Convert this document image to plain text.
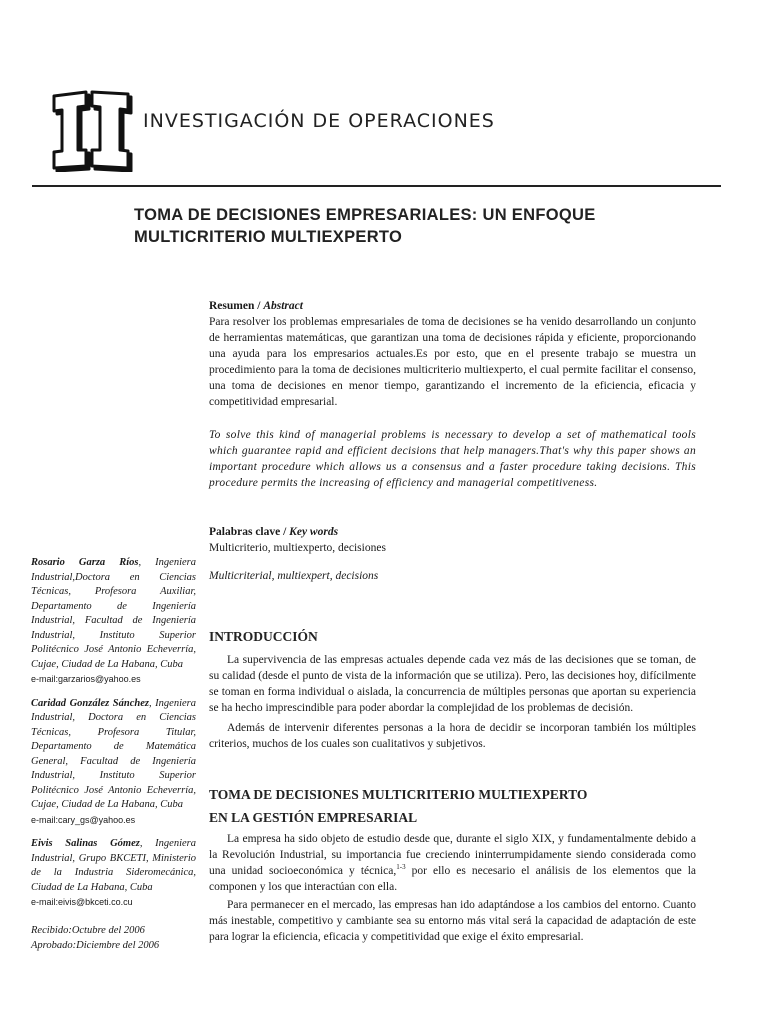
INVESTIGACIÓN DE OPERACIONES
TOMA DE DECISIONES EMPRESARIALES: UN ENFOQUE MULTICRITERIO MULTIEXPERTO
Resumen / Abstract

Para resolver los problemas empresariales de toma de decisiones se ha venido desarrollando un conjunto de herramientas matemáticas, que garantizan una toma de decisiones rápida y eficiente, proporcionando una ayuda para los empresarios actuales.Es por esto, que en el presente trabajo se muestra un procedimiento para la toma de decisiones multicriterio multiexperto, el cual permite facilitar el consenso, una toma de decisiones en menor tiempo, garantizando el incremento de la eficiencia, eficacia y competitividad empresarial.

To solve this kind of managerial problems is necessary to develop a set of mathematical tools which guarantee rapid and efficient decisions that help managers.That's why this paper shows an important procedure which allows us a consensus and a faster procedure taking decisions. This procedure permits the increasing of efficiency and managerial competitiveness.

Palabras clave / Key words
Multicriterio, multiexperto, decisiones
Multicriterial, multiexpert, decisions
Rosario Garza Ríos, Ingeniera Industrial,Doctora en Ciencias Técnicas, Profesora Auxiliar, Departamento de Ingeniería Industrial, Facultad de Ingeniería Industrial, Instituto Superior Politécnico José Antonio Echeverría, Cujae, Ciudad de La Habana, Cuba
e-mail:garzarios@yahoo.es
Caridad González Sánchez, Ingeniera Industrial, Doctora en Ciencias Técnicas, Profesora Titular, Departamento de Matemática General, Facultad de Ingeniería Industrial, Instituto Superior Politécnico José Antonio Echeverría, Cujae, Ciudad de La Habana, Cuba
e-mail:cary_gs@yahoo.es
Eivis Salinas Gómez, Ingeniera Industrial, Grupo BKCETI, Ministerio de la Industria Sideromecánica, Ciudad de La Habana, Cuba
e-mail:eivis@bkceti.co.cu
Recibido:Octubre del 2006
Aprobado:Diciembre del 2006
INTRODUCCIÓN

La supervivencia de las empresas actuales depende cada vez más de las decisiones que se toman, de su calidad (desde el punto de vista de la información que se utiliza). Pero, las decisiones hoy, difícilmente se toman en forma individual o aislada, la concurrencia de múltiples personas que aportan su experiencia se ha hecho imprescindible para poder abordar la complejidad de los problemas de decisión.

Además de intervenir diferentes personas a la hora de decidir se incorporan también los múltiples criterios, muchos de los cuales son cualitativos y subjetivos.

TOMA DE DECISIONES MULTICRITERIO MULTIEXPERTO
EN LA GESTIÓN EMPRESARIAL

La empresa ha sido objeto de estudio desde que, durante el siglo XIX, y fundamentalmente debido a la Revolución Industrial, su importancia fue creciendo ininterrumpidamente siendo considerada como una unidad socioeconómica y técnica,$^{1-3}$ por ello es necesario el análisis de los elementos que la componen y los que interactúan con ella.

Para permanecer en el mercado, las empresas han ido adaptándose a los cambios del entorno. Cuanto más inestable, competitivo y cambiante sea su entorno más vital será la capacidad de adaptación de este para lograr la eficiencia, eficacia y competitividad que exige el éxito empresarial.
